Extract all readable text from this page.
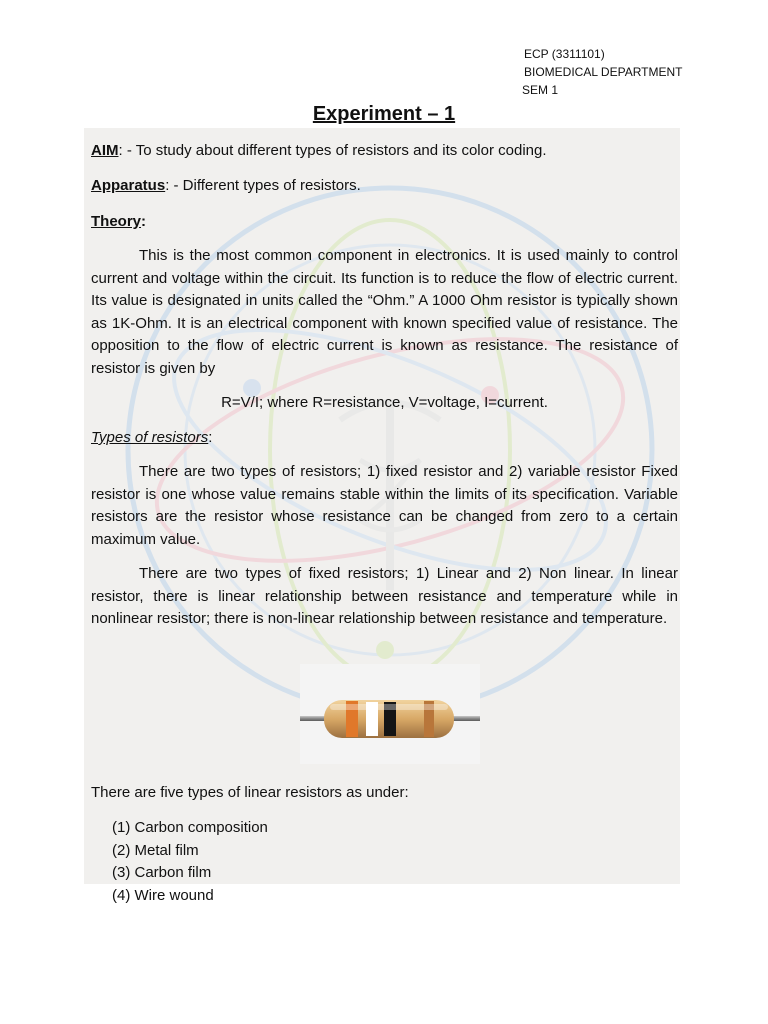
ECP (3311101)
BIOMEDICAL DEPARTMENT
SEM 1
Experiment – 1
AIM: - To study about different types of resistors and its color coding.
Apparatus: - Different types of resistors.
Theory:
This is the most common component in electronics. It is used mainly to control current and voltage within the circuit. Its function is to reduce the flow of electric current. Its value is designated in units called the “Ohm.” A 1000 Ohm resistor is typically shown as 1K-Ohm. It is an electrical component with known specified value of resistance. The opposition to the flow of electric current is known as resistance. The resistance of resistor is given by
R=V/I; where R=resistance, V=voltage, I=current.
Types of resistors:
There are two types of resistors; 1) fixed resistor and 2) variable resistor Fixed resistor is one whose value remains stable within the limits of its specification. Variable resistors are the resistor whose resistance can be changed from zero to a certain maximum value.
There are two types of fixed resistors; 1) Linear and 2) Non linear. In linear resistor, there is linear relationship between resistance and temperature while in nonlinear resistor; there is non-linear relationship between resistance and temperature.
There are five types of linear resistors as under:
(1) Carbon composition
(2) Metal film
(3) Carbon film
(4) Wire wound
